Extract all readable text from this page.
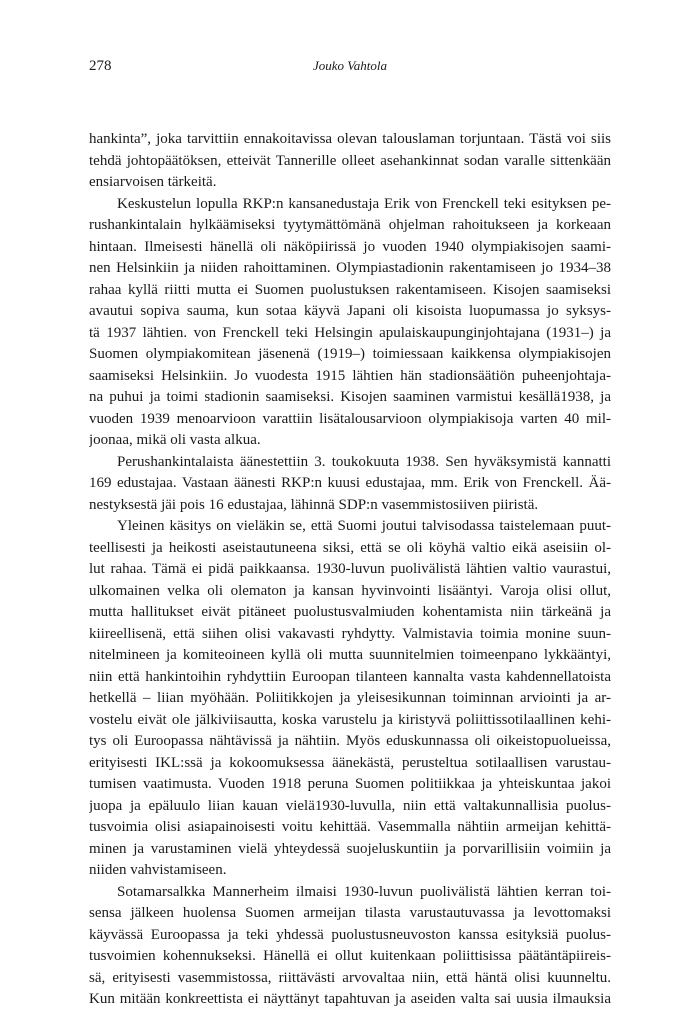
278	Jouko Vahtola
hankinta”, joka tarvittiin ennakoitavissa olevan talouslaman torjuntaan. Tästä voi siis
tehdä johtopäätöksen, etteivät Tannerille olleet asehankinnat sodan varalle sittenkään
ensiarvoisen tärkeitä.
Keskustelun lopulla RKP:n kansanedustaja Erik von Frenckell teki esityksen pe-
rushankintalain hylkäämiseksi tyytymättömänä ohjelman rahoitukseen ja korkeaan
hintaan. Ilmeisesti hänellä oli näköpiirissä jo vuoden 1940 olympiakisojen saami-
nen Helsinkiin ja niiden rahoittaminen. Olympiastadionin rakentamiseen jo 1934–38
rahaa kyllä riitti mutta ei Suomen puolustuksen rakentamiseen. Kisojen saamiseksi
avautui sopiva sauma, kun sotaa käyvä Japani oli kisoista luopumassa jo syksys-
tä 1937 lähtien. von Frenckell teki Helsingin apulaiskaupunginjohtajana (1931–) ja
Suomen olympiakomitean jäsenenä (1919–) toimiessaan kaikkensa olympiakisojen
saamiseksi Helsinkiin. Jo vuodesta 1915 lähtien hän stadionsäätiön puheenjohtaja-
na puhui ja toimi stadionin saamiseksi. Kisojen saaminen varmistui kesällä1938, ja
vuoden 1939 menoarvioon varattiin lisätalousarvioon olympiakisoja varten 40 mil-
joonaa, mikä oli vasta alkua.
Perushankintalaista äänestettiin 3. toukokuuta 1938. Sen hyväksymistä kannatti
169 edustajaa. Vastaan äänesti RKP:n kuusi edustajaa, mm. Erik von Frenckell. Ää-
nestyksestä jäi pois 16 edustajaa, lähinnä SDP:n vasemmistosiiven piiristä.
Yleinen käsitys on vieläkin se, että Suomi joutui talvisodassa taistelemaan puut-
teellisesti ja heikosti aseistautuneena siksi, että se oli köyhä valtio eikä aseisiin ol-
lut rahaa. Tämä ei pidä paikkaansa. 1930-luvun puolivälistä lähtien valtio vaurastui,
ulkomainen velka oli olematon ja kansan hyvinvointi lisääntyi. Varoja olisi ollut,
mutta hallitukset eivät pitäneet puolustusvalmiuden kohentamista niin tärkeänä ja
kiireellisenä, että siihen olisi vakavasti ryhdytty. Valmistavia toimia monine suun-
nitelmineen ja komiteoineen kyllä oli mutta suunnitelmien toimeenpano lykkääntyi,
niin että hankintoihin ryhdyttiin Euroopan tilanteen kannalta vasta kahdennellatoista
hetkellä – liian myöhään. Poliitikkojen ja yleisesikunnan toiminnan arviointi ja ar-
vostelu eivät ole jälkiviisautta, koska varustelu ja kiristyvä poliittissotilaallinen kehi-
tys oli Euroopassa nähtävissä ja nähtiin. Myös eduskunnassa oli oikeistopuolueissa,
erityisesti IKL:ssä ja kokoomuksessa äänekästä, perusteltua sotilaallisen varustau-
tumisen vaatimusta. Vuoden 1918 peruna Suomen politiikkaa ja yhteiskuntaa jakoi
juopa ja epäluulo liian kauan vielä1930-luvulla, niin että valtakunnallisia puolus-
tusvoimia olisi asiapainoisesti voitu kehittää. Vasemmalla nähtiin armeijan kehittä-
minen ja varustaminen vielä yhteydessä suojeluskuntiin ja porvarillisiin voimiin ja
niiden vahvistamiseen.
Sotamarsalkka Mannerheim ilmaisi 1930-luvun puolivälistä lähtien kerran toi-
sensa jälkeen huolensa Suomen armeijan tilasta varustautuvassa ja levottomaksi
käyvässä Euroopassa ja teki yhdessä puolustusneuvoston kanssa esityksiä puolus-
tusvoimien kohennukseksi. Hänellä ei ollut kuitenkaan poliittisissa päätäntäpiireis-
sä, erityisesti vasemmistossa, riittävästi arvovaltaa niin, että häntä olisi kuunneltu.
Kun mitään konkreettista ei näyttänyt tapahtuvan ja aseiden valta sai uusia ilmauksia
